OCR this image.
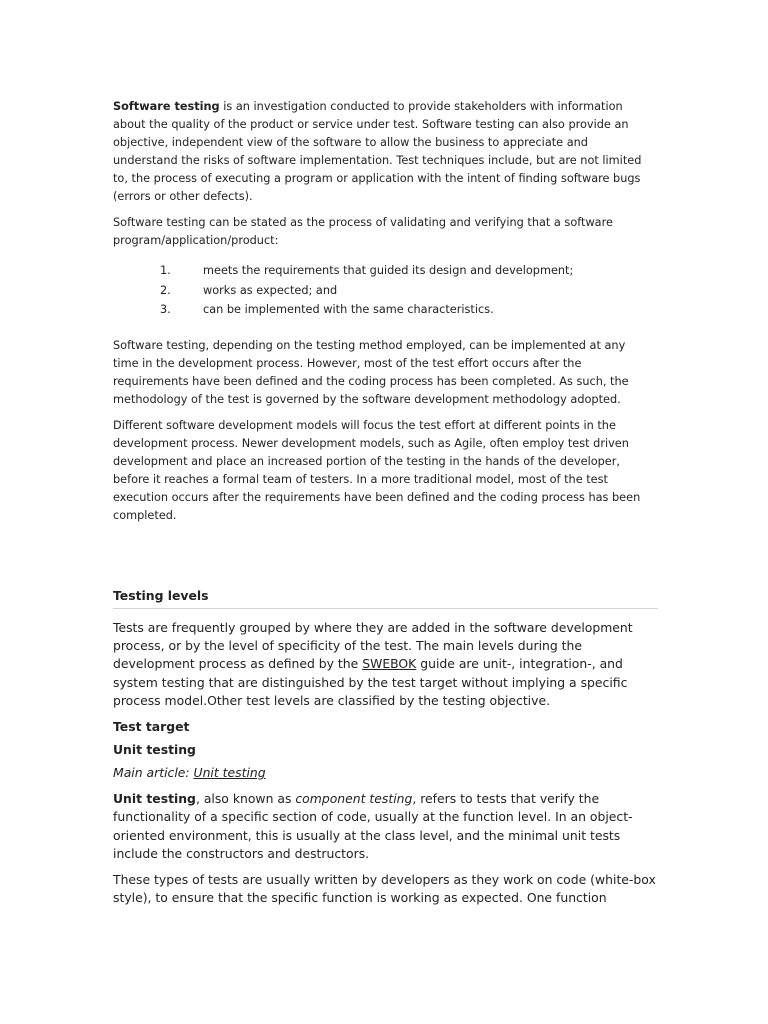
Software testing is an investigation conducted to provide stakeholders with information about the quality of the product or service under test. Software testing can also provide an objective, independent view of the software to allow the business to appreciate and understand the risks of software implementation. Test techniques include, but are not limited to, the process of executing a program or application with the intent of finding software bugs (errors or other defects).

Software testing can be stated as the process of validating and verifying that a software program/application/product:

1.	meets the requirements that guided its design and development;
2.	works as expected; and
3.	can be implemented with the same characteristics.

Software testing, depending on the testing method employed, can be implemented at any time in the development process. However, most of the test effort occurs after the requirements have been defined and the coding process has been completed. As such, the methodology of the test is governed by the software development methodology adopted.

Different software development models will focus the test effort at different points in the development process. Newer development models, such as Agile, often employ test driven development and place an increased portion of the testing in the hands of the developer, before it reaches a formal team of testers. In a more traditional model, most of the test execution occurs after the requirements have been defined and the coding process has been completed.

Testing levels

Tests are frequently grouped by where they are added in the software development process, or by the level of specificity of the test. The main levels during the development process as defined by the SWEBOK guide are unit-, integration-, and system testing that are distinguished by the test target without implying a specific process model.Other test levels are classified by the testing objective.

Test target
Unit testing
Main article: Unit testing

Unit testing, also known as component testing, refers to tests that verify the functionality of a specific section of code, usually at the function level. In an object-oriented environment, this is usually at the class level, and the minimal unit tests include the constructors and destructors.

These types of tests are usually written by developers as they work on code (white-box style), to ensure that the specific function is working as expected. One function
